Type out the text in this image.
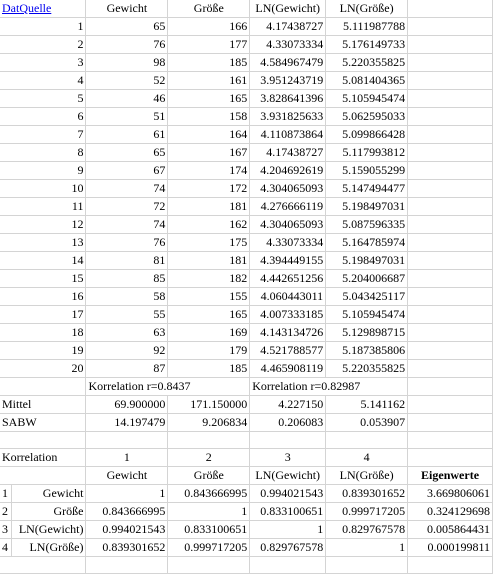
DatQuelle		Gewicht	Größe	LN(Gewicht)	LN(Größe)	
1		65	166	4.17438727	5.111987788	
2		76	177	4.33073334	5.176149733	
3		98	185	4.584967479	5.220355825	
4		52	161	3.951243719	5.081404365	
5		46	165	3.828641396	5.105945474	
6		51	158	3.931825633	5.062595033	
7		61	164	4.110873864	5.099866428	
8		65	167	4.17438727	5.117993812	
9		67	174	4.204692619	5.159055299	
10		74	172	4.304065093	5.147494477	
11		72	181	4.276666119	5.198497031	
12		74	162	4.304065093	5.087596335	
13		76	175	4.33073334	5.164785974	
14		81	181	4.394449155	5.198497031	
15		85	182	4.442651256	5.204006687	
16		58	155	4.060443011	5.043425117	
17		55	165	4.007333185	5.105945474	
18		63	169	4.143134726	5.129898715	
19		92	179	4.521788577	5.187385806	
20		87	185	4.465908119	5.220355825	
		Korrelation r=0.8437		Korrelation r=0.82987		
Mittel		69.900000	171.150000	4.227150	5.141162	
SABW		14.197479	9.206834	0.206083	0.053907	

Korrelation		1	2	3	4	
		Gewicht	Größe	LN(Gewicht)	LN(Größe)	Eigenwerte
1	Gewicht	1	0.843666995	0.994021543	0.839301652	3.669806061
2	Größe	0.843666995	1	0.833100651	0.999717205	0.324129698
3	LN(Gewicht)	0.994021543	0.833100651	1	0.829767578	0.005864431
4	LN(Größe)	0.839301652	0.999717205	0.829767578	1	0.000199811
